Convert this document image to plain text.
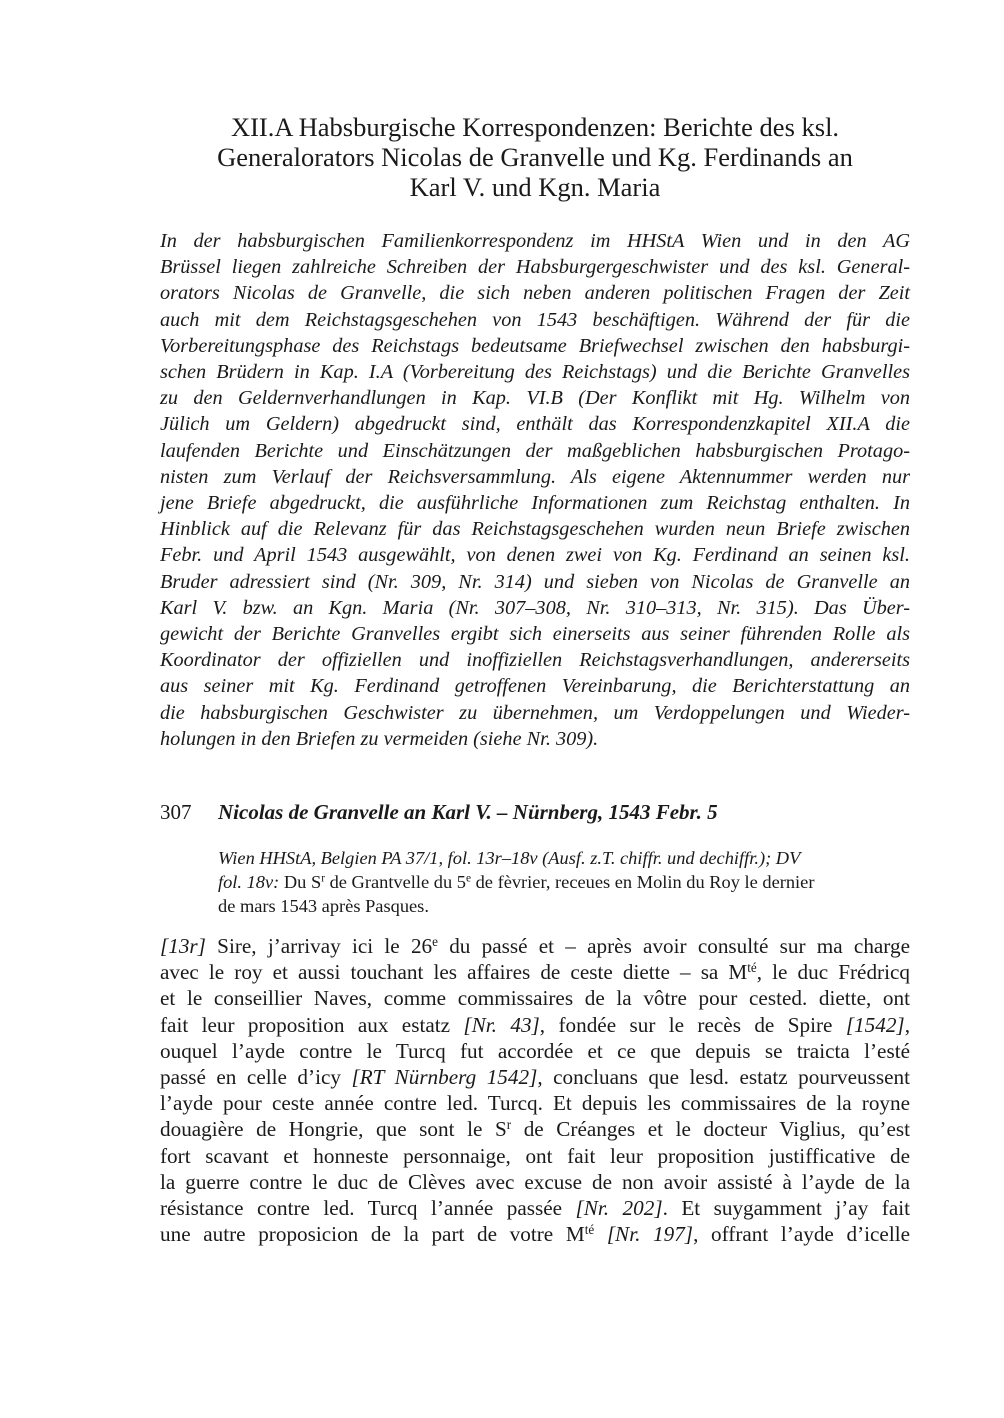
XII.A Habsburgische Korrespondenzen: Berichte des ksl.
Generalorators Nicolas de Granvelle und Kg. Ferdinands an
Karl V. und Kgn. Maria
In der habsburgischen Familienkorrespondenz im HHStA Wien und in den AG
Brüssel liegen zahlreiche Schreiben der Habsburgergeschwister und des ksl. General-
orators Nicolas de Granvelle, die sich neben anderen politischen Fragen der Zeit
auch mit dem Reichstagsgeschehen von 1543 beschäftigen. Während der für die
Vorbereitungsphase des Reichstags bedeutsame Briefwechsel zwischen den habsburgi-
schen Brüdern in Kap. I.A (Vorbereitung des Reichstags) und die Berichte Granvelles
zu den Geldernverhandlungen in Kap. VI.B (Der Konflikt mit Hg. Wilhelm von
Jülich um Geldern) abgedruckt sind, enthält das Korrespondenzkapitel XII.A die
laufenden Berichte und Einschätzungen der maßgeblichen habsburgischen Protago-
nisten zum Verlauf der Reichsversammlung. Als eigene Aktennummer werden nur
jene Briefe abgedruckt, die ausführliche Informationen zum Reichstag enthalten. In
Hinblick auf die Relevanz für das Reichstagsgeschehen wurden neun Briefe zwischen
Febr. und April 1543 ausgewählt, von denen zwei von Kg. Ferdinand an seinen ksl.
Bruder adressiert sind (Nr. 309, Nr. 314) und sieben von Nicolas de Granvelle an
Karl V. bzw. an Kgn. Maria (Nr. 307–308, Nr. 310–313, Nr. 315). Das Über-
gewicht der Berichte Granvelles ergibt sich einerseits aus seiner führenden Rolle als
Koordinator der offiziellen und inoffiziellen Reichstagsverhandlungen, andererseits
aus seiner mit Kg. Ferdinand getroffenen Vereinbarung, die Berichterstattung an
die habsburgischen Geschwister zu übernehmen, um Verdoppelungen und Wieder-
holungen in den Briefen zu vermeiden (siehe Nr. 309).
307	Nicolas de Granvelle an Karl V. – Nürnberg, 1543 Febr. 5
Wien HHStA, Belgien PA 37/1, fol. 13r–18v (Ausf. z.T. chiffr. und dechiffr.); DV
fol. 18v: Du $S^r$ de Grantvelle du 5e de fèvrier, receues en Molin du Roy le dernier
de mars 1543 après Pasques.
[13r] Sire, j’arrivay ici le 26e du passé et – après avoir consulté sur ma charge
avec le roy et aussi touchant les affaires de ceste diette – sa $M^{té}$, le duc Frédricq
et le conseillier Naves, comme commissaires de la vôtre pour cested. diette, ont
fait leur proposition aux estatz [Nr. 43], fondée sur le recès de Spire [1542],
ouquel l’ayde contre le Turcq fut accordée et ce que depuis se traicta l’esté
passé en celle d’icy [RT Nürnberg 1542], concluans que lesd. estatz pourveussent
l’ayde pour ceste année contre led. Turcq. Et depuis les commissaires de la royne
douagière de Hongrie, que sont le $S^r$ de Créanges et le docteur Viglius, qu’est
fort scavant et honneste personnaige, ont fait leur proposition justifficative de
la guerre contre le duc de Clèves avec excuse de non avoir assisté à l’ayde de la
résistance contre led. Turcq l’année passée [Nr. 202]. Et suygamment j’ay fait
une autre proposicion de la part de votre $M^{té}$ [Nr. 197], offrant l’ayde d’icelle
